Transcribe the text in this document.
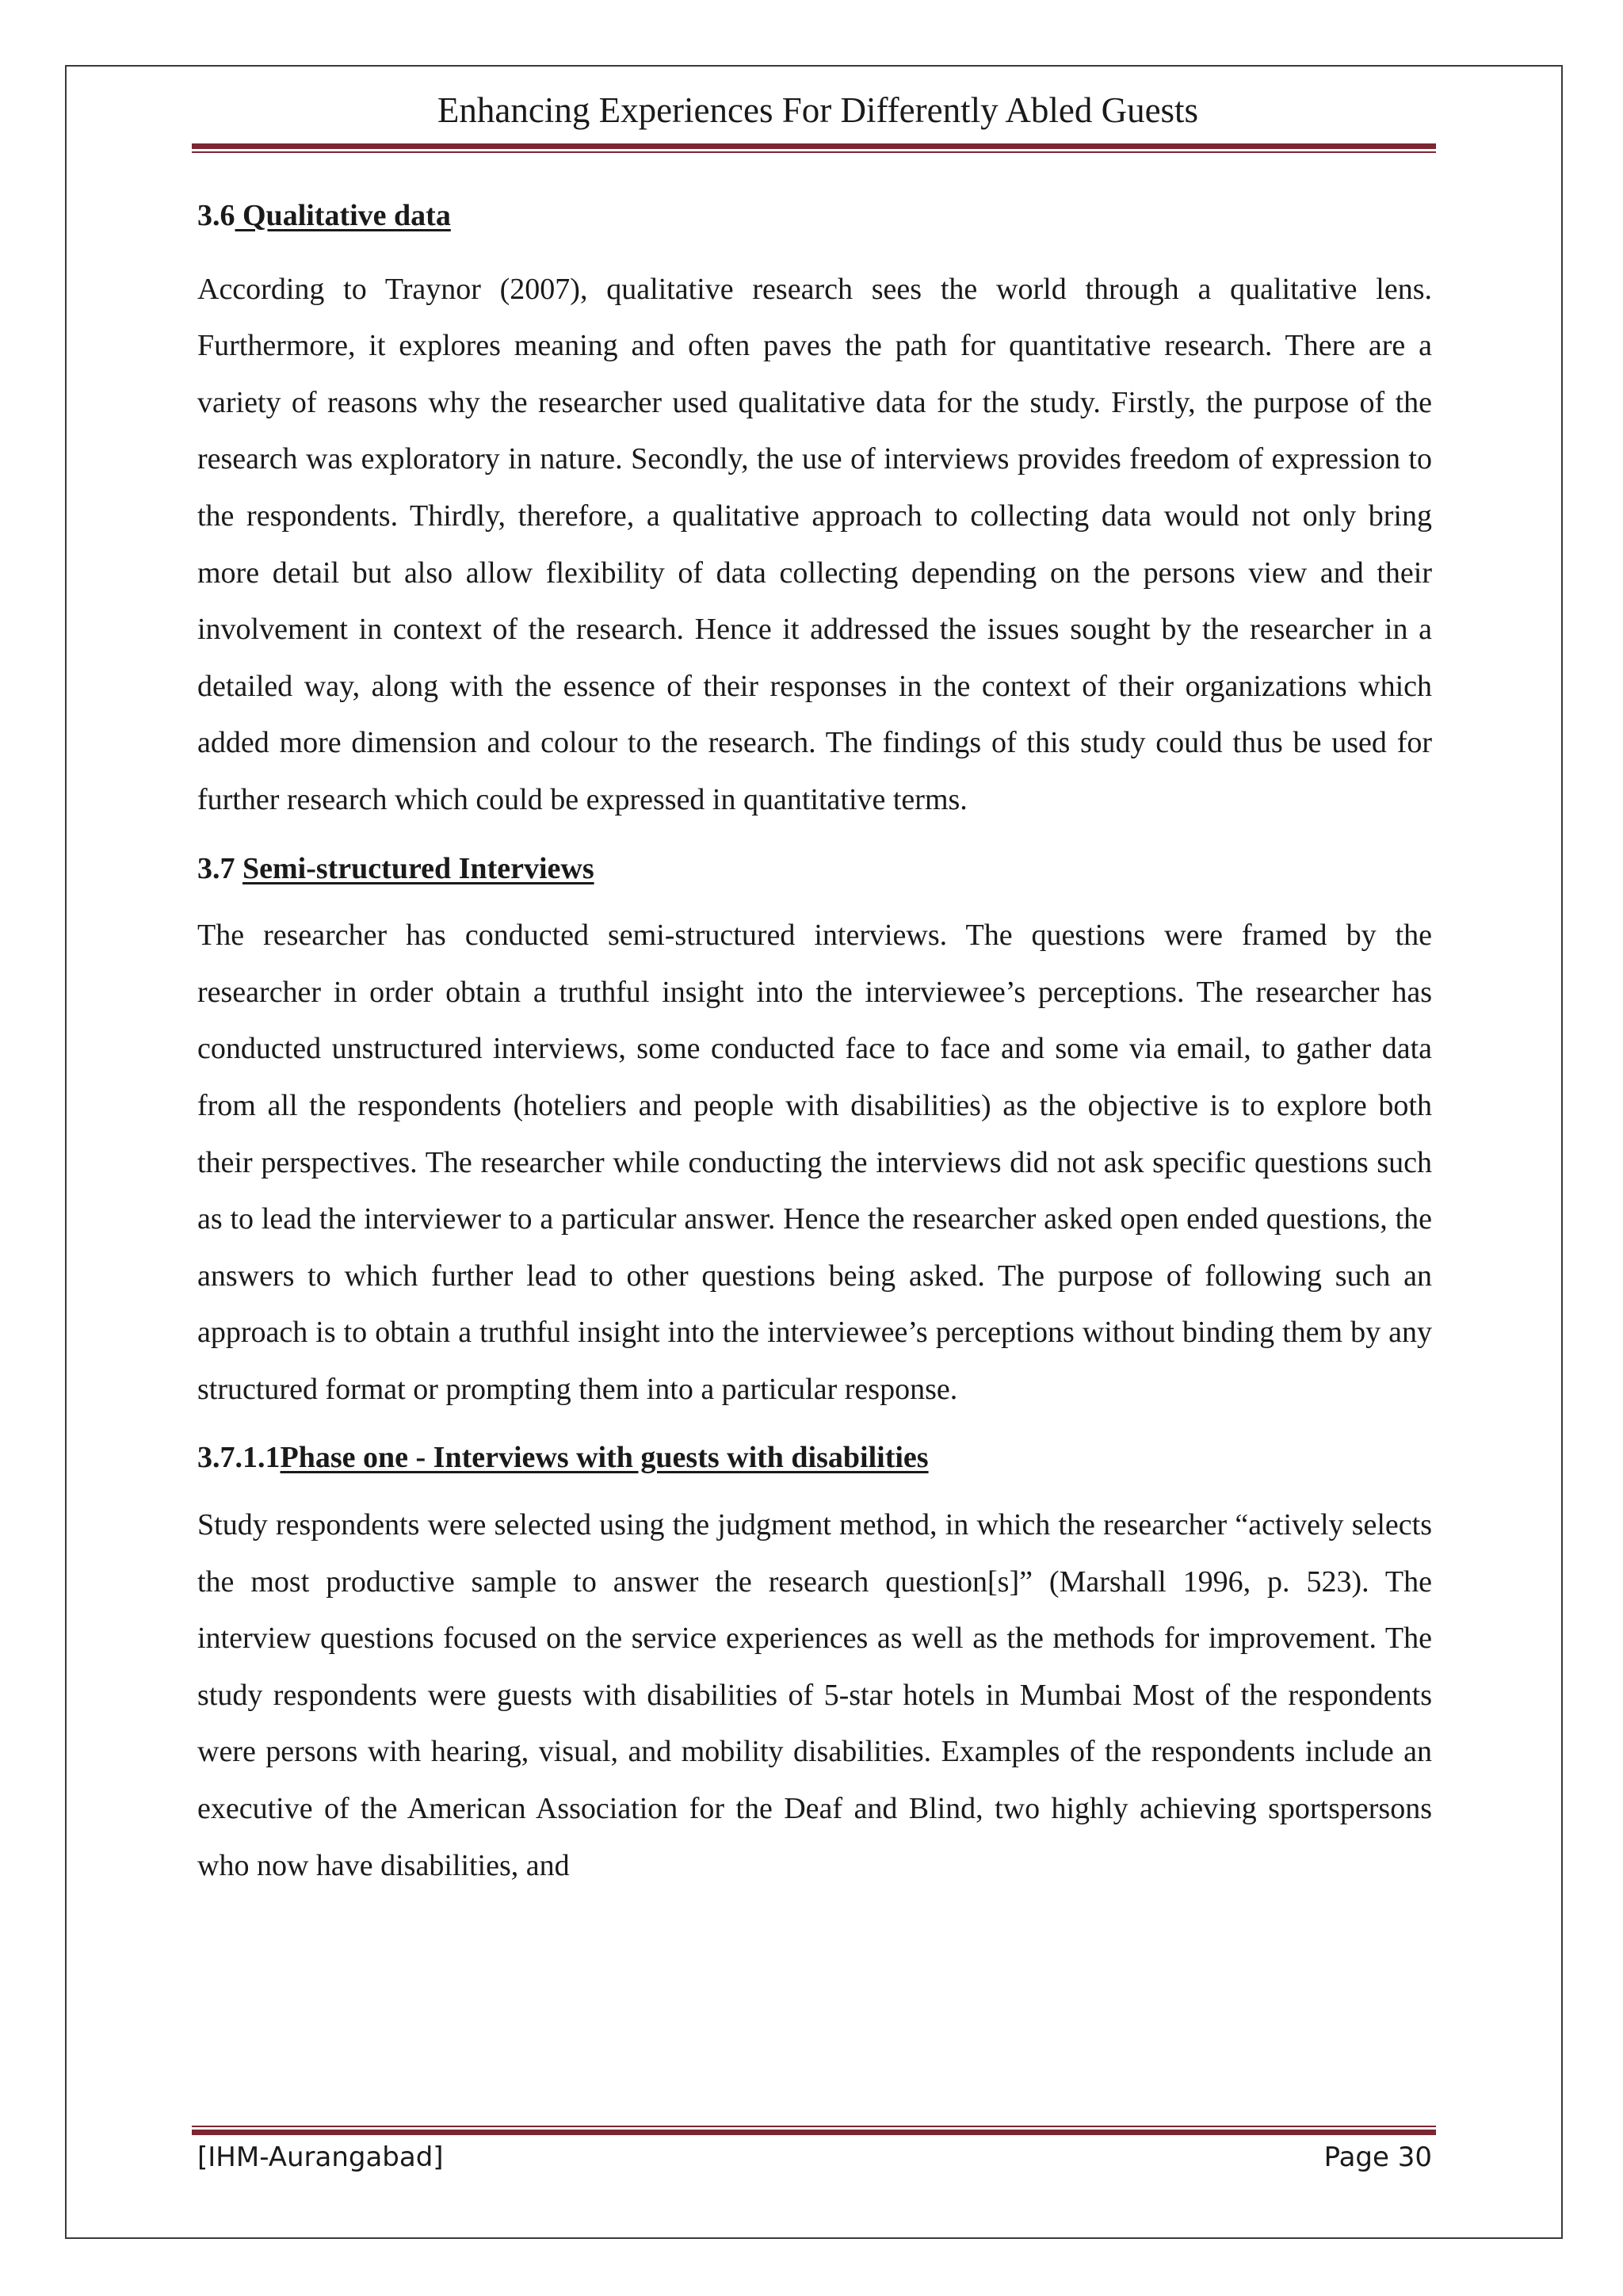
Enhancing Experiences For Differently Abled Guests
3.6 Qualitative data

According to Traynor (2007), qualitative research sees the world through a qualitative lens. Furthermore, it explores meaning and often paves the path for quantitative research. There are a variety of reasons why the researcher used qualitative data for the study. Firstly, the purpose of the research was exploratory in nature. Secondly, the use of interviews provides freedom of expression to the respondents. Thirdly, therefore, a qualitative approach to collecting data would not only bring more detail but also allow flexibility of data collecting depending on the persons view and their involvement in context of the research. Hence it addressed the issues sought by the researcher in a detailed way, along with the essence of their responses in the context of their organizations which added more dimension and colour to the research. The findings of this study could thus be used for further research which could be expressed in quantitative terms.

3.7 Semi-structured Interviews

The researcher has conducted semi-structured interviews. The questions were framed by the researcher in order obtain a truthful insight into the interviewee’s perceptions. The researcher has conducted unstructured interviews, some conducted face to face and some via email, to gather data from all the respondents (hoteliers and people with disabilities) as the objective is to explore both their perspectives. The researcher while conducting the interviews did not ask specific questions such as to lead the interviewer to a particular answer. Hence the researcher asked open ended questions, the answers to which further lead to other questions being asked. The purpose of following such an approach is to obtain a truthful insight into the interviewee’s perceptions without binding them by any structured format or prompting them into a particular response.

3.7.1.1Phase one - Interviews with guests with disabilities

Study respondents were selected using the judgment method, in which the researcher “actively selects the most productive sample to answer the research question[s]” (Marshall 1996, p. 523). The interview questions focused on the service experiences as well as the methods for improvement. The study respondents were guests with disabilities of 5-star hotels in Mumbai Most of the respondents were persons with hearing, visual, and mobility disabilities. Examples of the respondents include an executive of the American Association for the Deaf and Blind, two highly achieving sportspersons who now have disabilities, and

[IHM-Aurangabad]	Page 30
